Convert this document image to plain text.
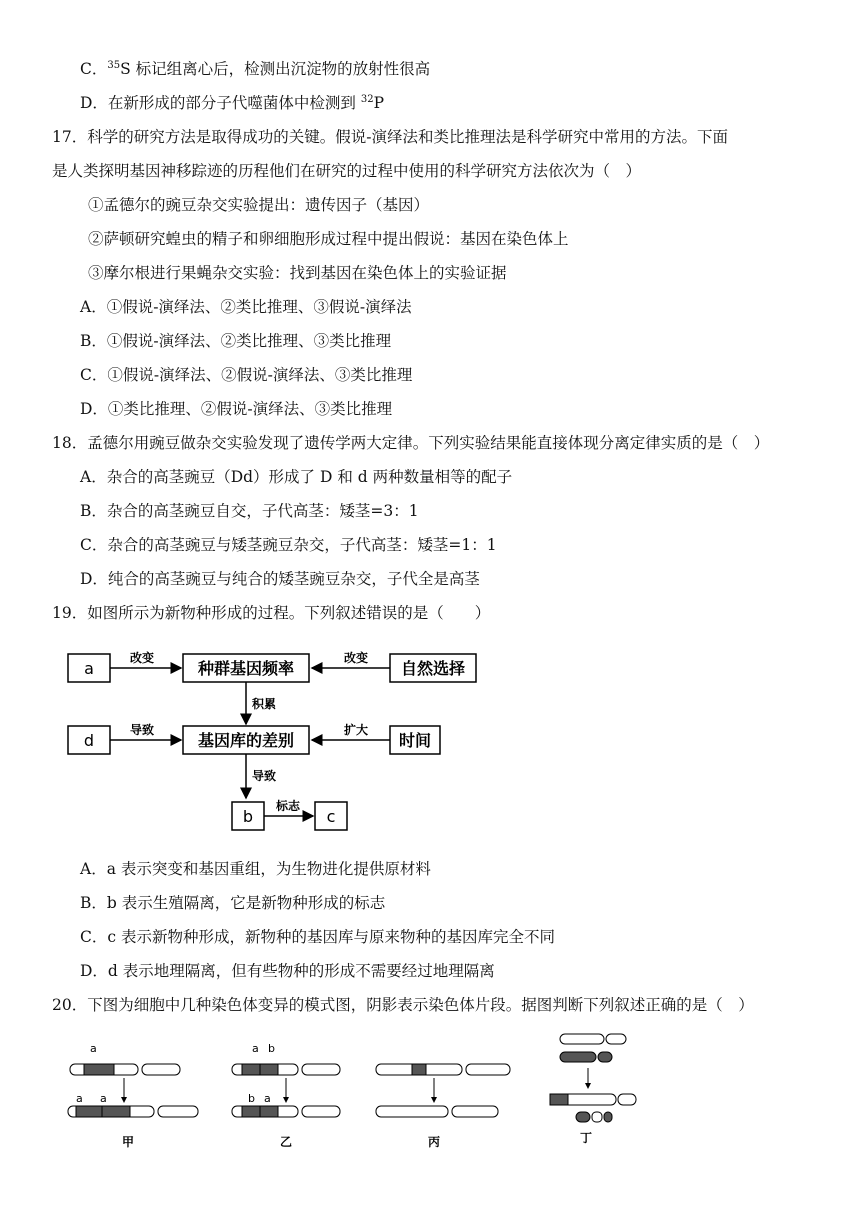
C．$^{35}$S 标记组离心后，检测出沉淀物的放射性很高
D．在新形成的部分子代噬菌体中检测到 $^{32}$P
17．科学的研究方法是取得成功的关键。假说-演绎法和类比推理法是科学研究中常用的方法。下面
是人类探明基因神移踪迹的历程他们在研究的过程中使用的科学研究方法依次为（　）
①孟德尔的豌豆杂交实验提出：遗传因子（基因）
②萨顿研究蝗虫的精子和卵细胞形成过程中提出假说：基因在染色体上
③摩尔根进行果蝇杂交实验：找到基因在染色体上的实验证据
A．①假说-演绎法、②类比推理、③假说-演绎法
B．①假说-演绎法、②类比推理、③类比推理
C．①假说-演绎法、②假说-演绎法、③类比推理
D．①类比推理、②假说-演绎法、③类比推理
18．孟德尔用豌豆做杂交实验发现了遗传学两大定律。下列实验结果能直接体现分离定律实质的是（　）
A．杂合的高茎豌豆（Dd）形成了 D 和 d 两种数量相等的配子
B．杂合的高茎豌豆自交，子代高茎：矮茎=3：1
C．杂合的高茎豌豆与矮茎豌豆杂交，子代高茎：矮茎=1：1
D．纯合的高茎豌豆与纯合的矮茎豌豆杂交，子代全是高茎
19．如图所示为新物种形成的过程。下列叙述错误的是（　　）
a
改变
种群基因频率
改变
自然选择
积累
d
导致
基因库的差别
扩大
时间
导致
b
标志
c
A．a 表示突变和基因重组，为生物进化提供原材料
B．b 表示生殖隔离，它是新物种形成的标志
C．c 表示新物种形成，新物种的基因库与原来物种的基因库完全不同
D．d 表示地理隔离，但有些物种的形成不需要经过地理隔离
20．下图为细胞中几种染色体变异的模式图，阴影表示染色体片段。据图判断下列叙述正确的是（　）
a
a a
甲
a b
b a
乙	丙	丁
